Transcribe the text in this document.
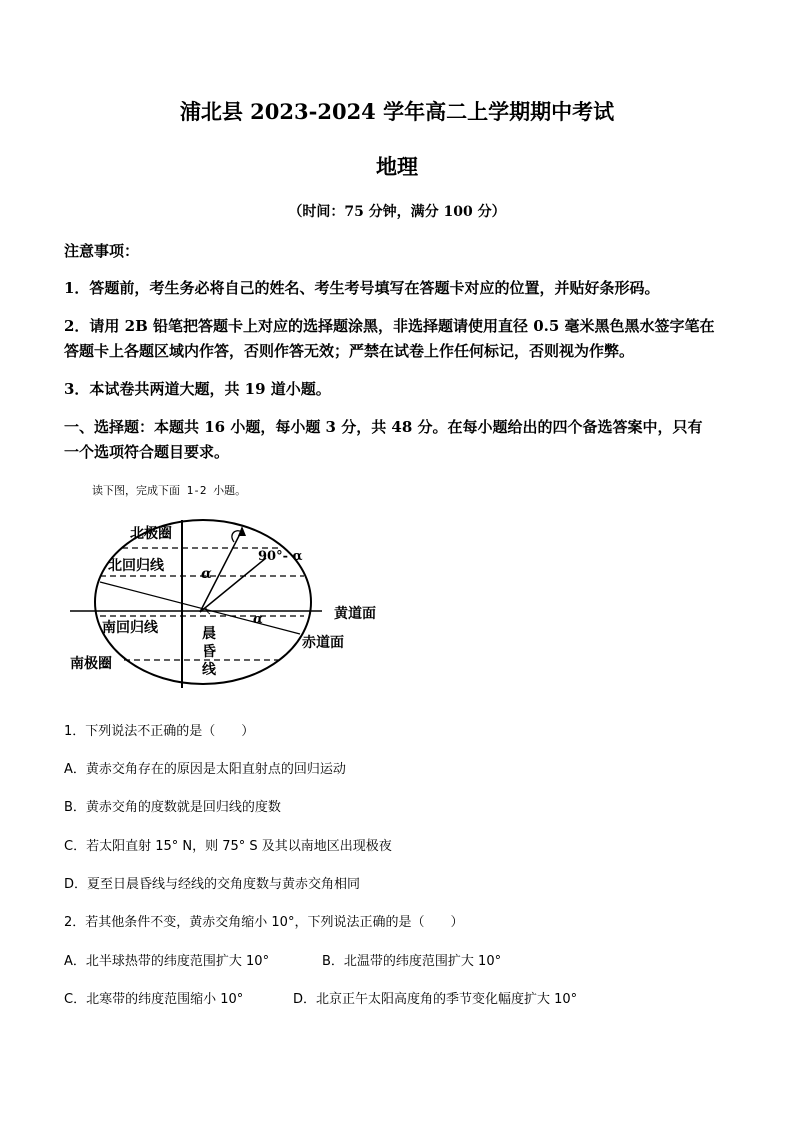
浦北县 2023-2024 学年高二上学期期中考试
地理
（时间：75 分钟，满分 100 分）
注意事项：
1．答题前，考生务必将自己的姓名、考生考号填写在答题卡对应的位置，并贴好条形码。
2．请用 2B 铅笔把答题卡上对应的选择题涂黑，非选择题请使用直径 0.5 毫米黑色黑水签字笔在
答题卡上各题区域内作答，否则作答无效；严禁在试卷上作任何标记，否则视为作弊。
3．本试卷共两道大题，共 19 道小题。
一、选择题：本题共 16 小题，每小题 3 分，共 48 分。在每小题给出的四个备选答案中，只有
一个选项符合题目要求。
读下图，完成下面 1-2 小题。
北极圈
北回归线
南回归线
南极圈
90°- α
α
α	黄道面
赤道面
晨
昏
线
1．下列说法不正确的是（　　）
A．黄赤交角存在的原因是太阳直射点的回归运动
B．黄赤交角的度数就是回归线的度数
C．若太阳直射 15° N，则 75° S 及其以南地区出现极夜
D．夏至日晨昏线与经线的交角度数与黄赤交角相同
2．若其他条件不变，黄赤交角缩小 10°，下列说法正确的是（　　）
A．北半球热带的纬度范围扩大 10°	B．北温带的纬度范围扩大 10°
C．北寒带的纬度范围缩小 10°	D．北京正午太阳高度角的季节变化幅度扩大 10°
